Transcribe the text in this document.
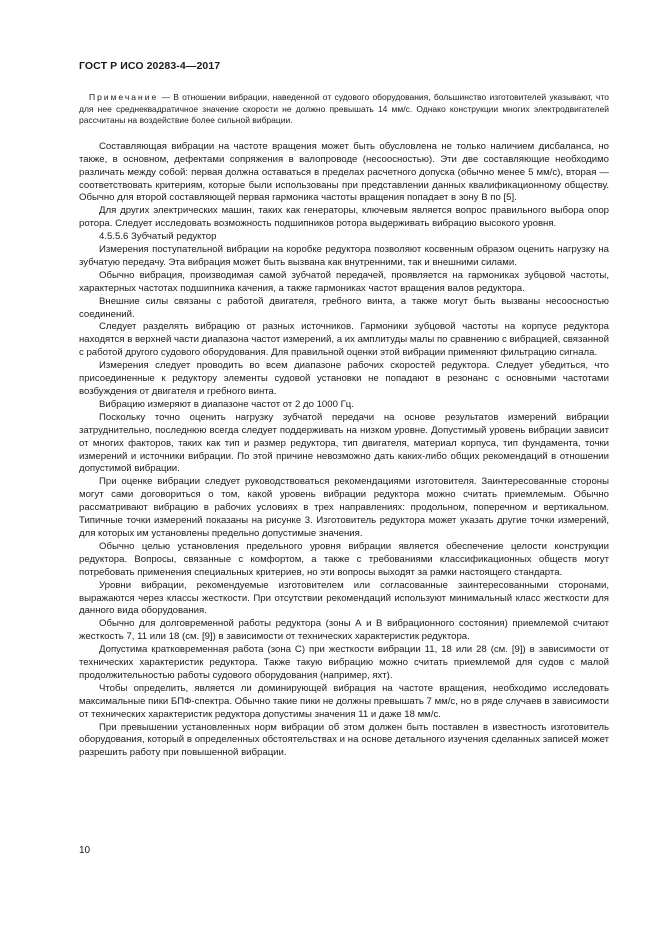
ГОСТ Р ИСО 20283-4—2017

Примечание — В отношении вибрации, наведенной от судового оборудования, большинство изготовителей указывают, что для нее среднеквадратичное значение скорости не должно превышать 14 мм/с. Однако конструкции многих электродвигателей рассчитаны на воздействие более сильной вибрации.

Составляющая вибрации на частоте вращения может быть обусловлена не только наличием дисбаланса, но также, в основном, дефектами сопряжения в валопроводе (несоосностью). Эти две составляющие необходимо различать между собой: первая должна оставаться в пределах расчетного допуска (обычно менее 5 мм/с), вторая — соответствовать критериям, которые были использованы при представлении данных квалификационному обществу. Обычно для второй составляющей первая гармоника частоты вращения попадает в зону В по [5].

Для других электрических машин, таких как генераторы, ключевым является вопрос правильного выбора опор ротора. Следует исследовать возможность подшипников ротора выдерживать вибрацию высокого уровня.

4.5.5.6 Зубчатый редуктор

Измерения поступательной вибрации на коробке редуктора позволяют косвенным образом оценить нагрузку на зубчатую передачу. Эта вибрация может быть вызвана как внутренними, так и внешними силами.

Обычно вибрация, производимая самой зубчатой передачей, проявляется на гармониках зубцовой частоты, характерных частотах подшипника качения, а также гармониках частот вращения валов редуктора.

Внешние силы связаны с работой двигателя, гребного винта, а также могут быть вызваны несоосностью соединений.

Следует разделять вибрацию от разных источников. Гармоники зубцовой частоты на корпусе редуктора находятся в верхней части диапазона частот измерений, а их амплитуды малы по сравнению с вибрацией, связанной с работой другого судового оборудования. Для правильной оценки этой вибрации применяют фильтрацию сигнала.

Измерения следует проводить во всем диапазоне рабочих скоростей редуктора. Следует убедиться, что присоединенные к редуктору элементы судовой установки не попадают в резонанс с основными частотами возбуждения от двигателя и гребного винта.

Вибрацию измеряют в диапазоне частот от 2 до 1000 Гц.

Поскольку точно оценить нагрузку зубчатой передачи на основе результатов измерений вибрации затруднительно, последнюю всегда следует поддерживать на низком уровне. Допустимый уровень вибрации зависит от многих факторов, таких как тип и размер редуктора, тип двигателя, материал корпуса, тип фундамента, точки измерений и источники вибрации. По этой причине невозможно дать каких-либо общих рекомендаций в отношении допустимой вибрации.

При оценке вибрации следует руководствоваться рекомендациями изготовителя. Заинтересованные стороны могут сами договориться о том, какой уровень вибрации редуктора можно считать приемлемым. Обычно рассматривают вибрацию в рабочих условиях в трех направлениях: продольном, поперечном и вертикальном. Типичные точки измерений показаны на рисунке 3. Изготовитель редуктора может указать другие точки измерений, для которых им установлены предельно допустимые значения.

Обычно целью установления предельного уровня вибрации является обеспечение целости конструкции редуктора. Вопросы, связанные с комфортом, а также с требованиями классификационных обществ могут потребовать применения специальных критериев, но эти вопросы выходят за рамки настоящего стандарта.

Уровни вибрации, рекомендуемые изготовителем или согласованные заинтересованными сторонами, выражаются через классы жесткости. При отсутствии рекомендаций используют минимальный класс жесткости для данного вида оборудования.

Обычно для долговременной работы редуктора (зоны А и В вибрационного состояния) приемлемой считают жесткость 7, 11 или 18 (см. [9]) в зависимости от технических характеристик редуктора.

Допустима кратковременная работа (зона С) при жесткости вибрации 11, 18 или 28 (см. [9]) в зависимости от технических характеристик редуктора. Также такую вибрацию можно считать приемлемой для судов с малой продолжительностью работы судового оборудования (например, яхт).

Чтобы определить, является ли доминирующей вибрация на частоте вращения, необходимо исследовать максимальные пики БПФ-спектра. Обычно такие пики не должны превышать 7 мм/с, но в ряде случаев в зависимости от технических характеристик редуктора допустимы значения 11 и даже 18 мм/с.

При превышении установленных норм вибрации об этом должен быть поставлен в известность изготовитель оборудования, который в определенных обстоятельствах и на основе детального изучения сделанных записей может разрешить работу при повышенной вибрации.

10
